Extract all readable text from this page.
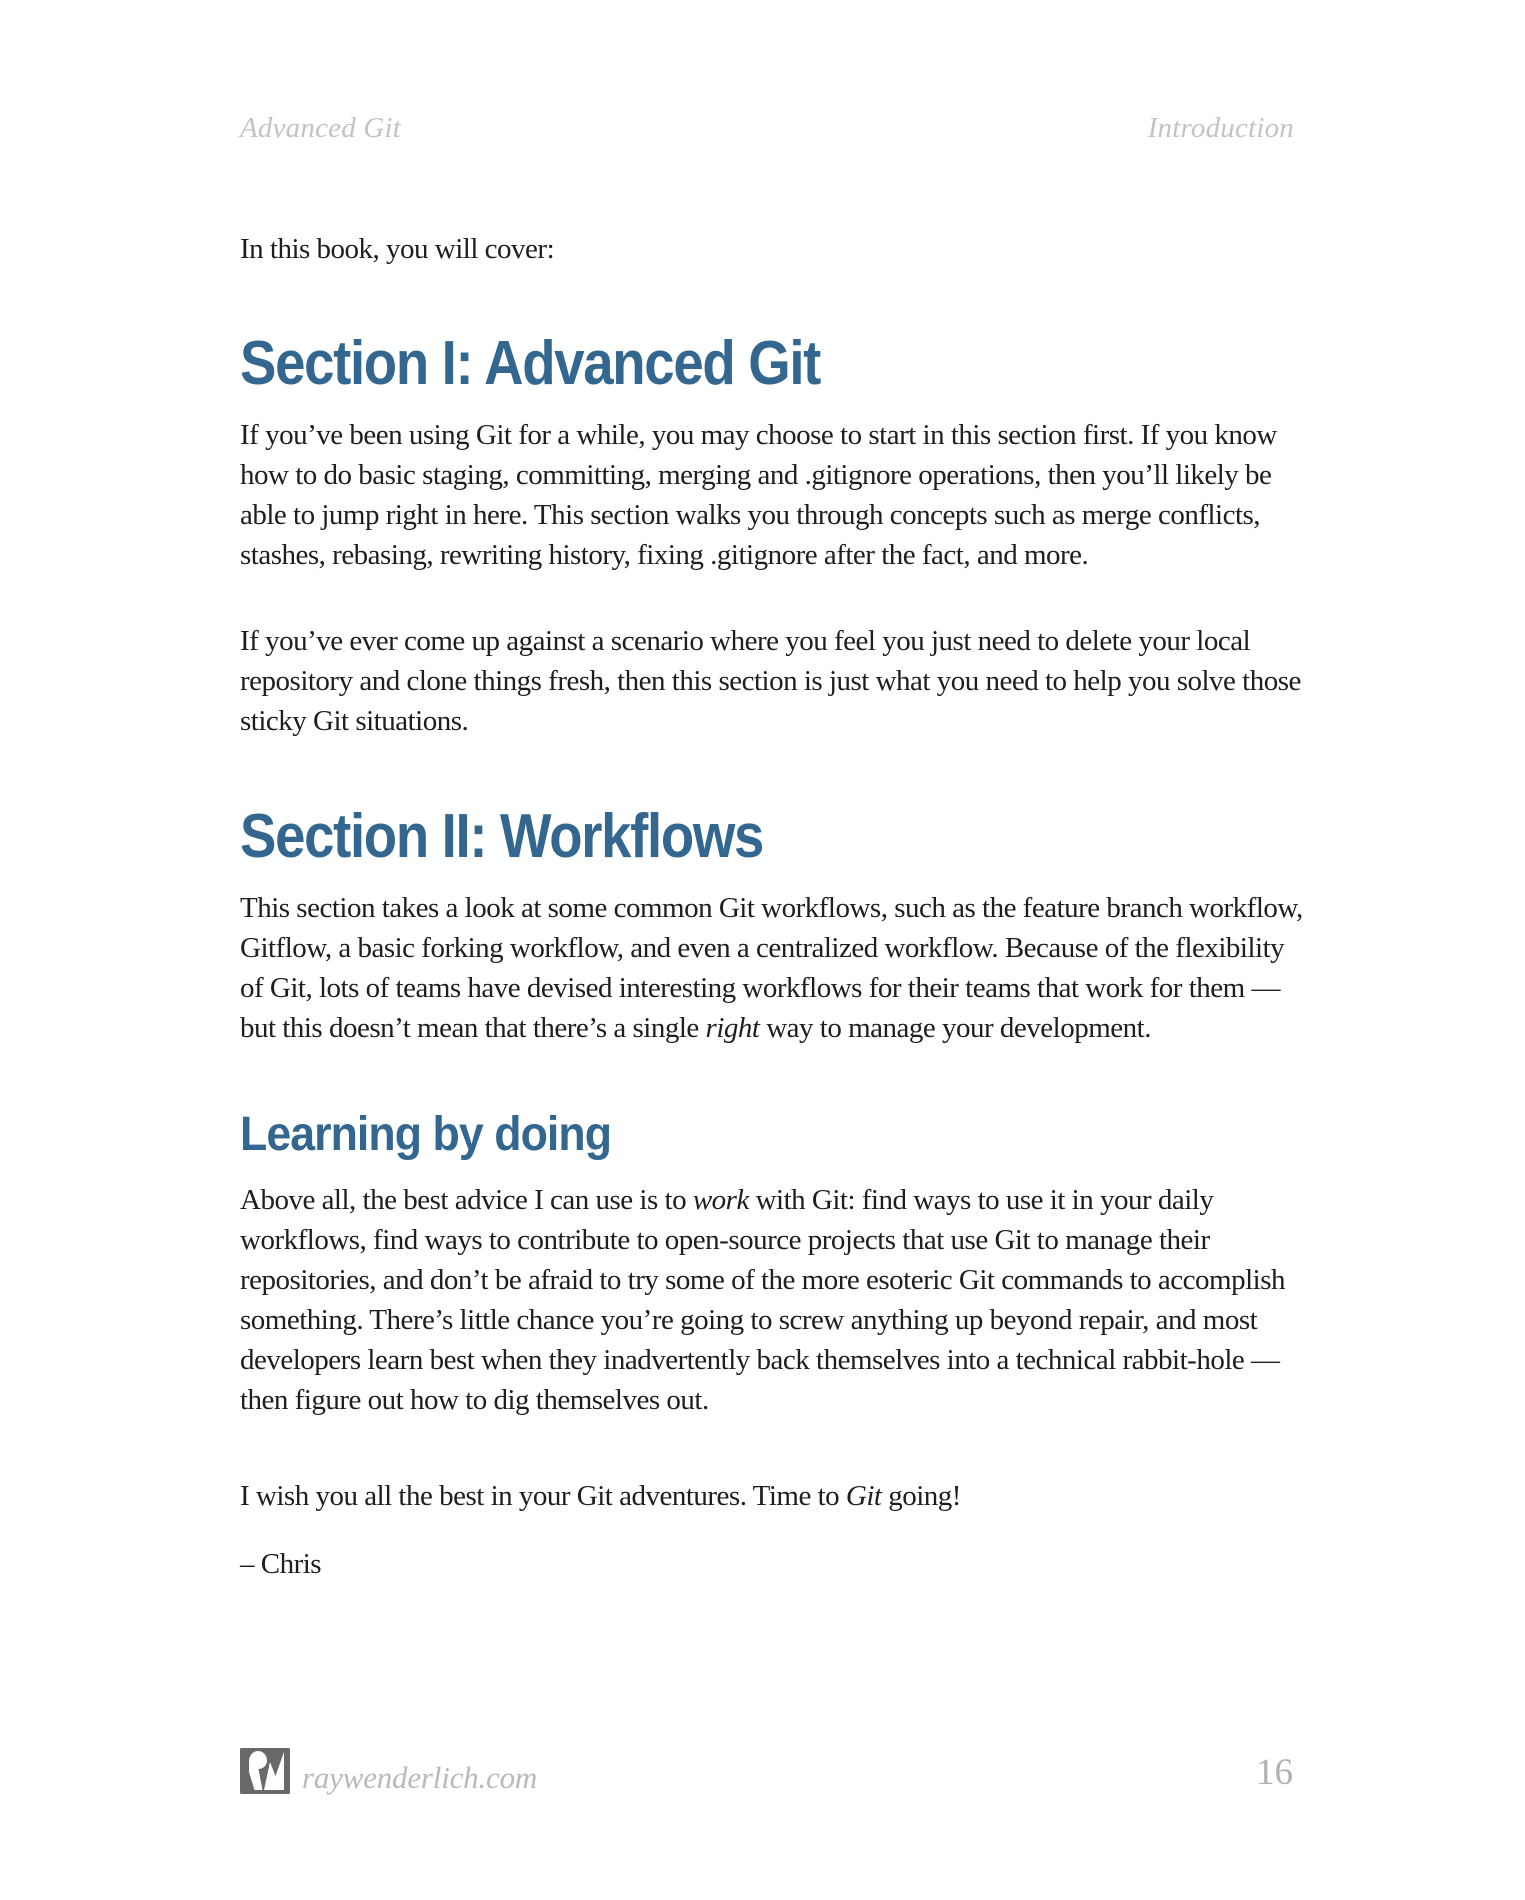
Advanced Git	Introduction

In this book, you will cover:

Section I: Advanced Git

If you’ve been using Git for a while, you may choose to start in this section first. If you know how to do basic staging, committing, merging and .gitignore operations, then you’ll likely be able to jump right in here. This section walks you through concepts such as merge conflicts, stashes, rebasing, rewriting history, fixing .gitignore after the fact, and more.

If you’ve ever come up against a scenario where you feel you just need to delete your local repository and clone things fresh, then this section is just what you need to help you solve those sticky Git situations.

Section II: Workflows

This section takes a look at some common Git workflows, such as the feature branch workflow, Gitflow, a basic forking workflow, and even a centralized workflow. Because of the flexibility of Git, lots of teams have devised interesting workflows for their teams that work for them — but this doesn’t mean that there’s a single right way to manage your development.

Learning by doing

Above all, the best advice I can use is to work with Git: find ways to use it in your daily workflows, find ways to contribute to open-source projects that use Git to manage their repositories, and don’t be afraid to try some of the more esoteric Git commands to accomplish something. There’s little chance you’re going to screw anything up beyond repair, and most developers learn best when they inadvertently back themselves into a technical rabbit-hole — then figure out how to dig themselves out.

I wish you all the best in your Git adventures. Time to Git going!

– Chris

raywenderlich.com	16
